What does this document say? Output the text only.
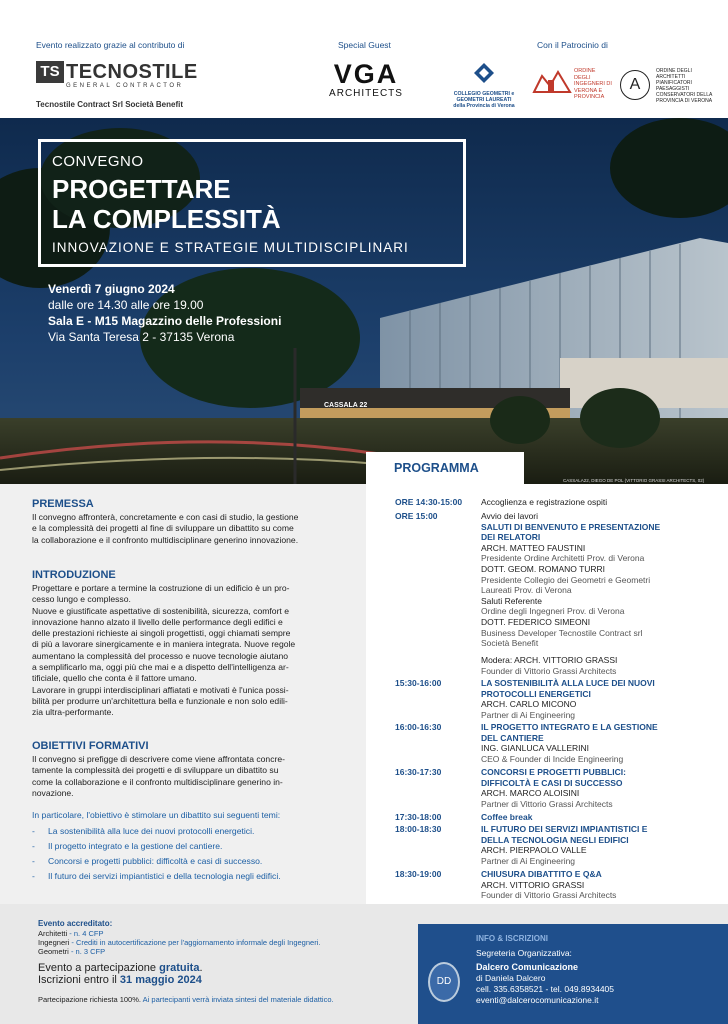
Evento realizzato grazie al contributo di	Special Guest	Con il Patrocinio di
TS TECNOSTILE
GENERAL CONTRACTOR
Tecnostile Contract Srl Società Benefit
VGA
ARCHITECTS	COLLEGIO GEOMETRI e GEOMETRI LAUREATI della Provincia di Verona
ORDINE DEGLI INGEGNERI DI VERONA E PROVINCIA
A
ORDINE DEGLI ARCHITETTI PIANIFICATORI PAESAGGISTI CONSERVATORI DELLA PROVINCIA DI VERONA
CASSALA 22
CONVEGNO
PROGETTARE
LA COMPLESSITÀ
INNOVAZIONE E STRATEGIE MULTIDISCIPLINARI
Venerdì 7 giugno 2024
dalle ore 14.30 alle ore 19.00
Sala E - M15 Magazzino delle Professioni
Via Santa Teresa 2 - 37135 Verona
CASSALA22, DIEGO DE POL (VITTORIO GRASSI ARCHITECTS, 02)
PREMESSA
Il convegno affronterà, concretamente e con casi di studio, la gestione
e la complessità dei progetti al fine di sviluppare un dibattito su come
la collaborazione e il confronto multidisciplinare generino innovazione.
INTRODUZIONE
Progettare e portare a termine la costruzione di un edificio è un pro-
cesso lungo e complesso.
Nuove e giustificate aspettative di sostenibilità, sicurezza, comfort e
innovazione hanno alzato il livello delle performance degli edifici e
delle prestazioni richieste ai singoli progettisti, oggi chiamati sempre
di più a lavorare sinergicamente e in maniera integrata. Nuove regole
aumentano la complessità del processo e nuove tecnologie aiutano
a semplificarlo ma, oggi più che mai e a dispetto dell'intelligenza ar-
tificiale, quello che conta è il fattore umano.
Lavorare in gruppi interdisciplinari affiatati e motivati è l'unica possi-
bilità per produrre un'architettura bella e funzionale e non solo edili-
zia ultra-performante.
OBIETTIVI FORMATIVI
Il convegno si prefigge di descrivere come viene affrontata concre-
tamente la complessità dei progetti e di sviluppare un dibattito su
come la collaborazione e il confronto multidisciplinare generino in-
novazione.
In particolare, l'obiettivo è stimolare un dibattito sui seguenti temi:
- La sostenibilità alla luce dei nuovi protocolli energetici.
- Il progetto integrato e la gestione del cantiere.
- Concorsi e progetti pubblici: difficoltà e casi di successo.
- Il futuro dei servizi impiantistici e della tecnologia negli edifici.
PROGRAMMA
ORE 14:30-15:00 Accoglienza e registrazione ospiti
ORE 15:00	Avvio dei lavori
SALUTI DI BENVENUTO E PRESENTAZIONE
DEI RELATORI
ARCH. MATTEO FAUSTINI
Presidente Ordine Architetti Prov. di Verona
DOTT. GEOM. ROMANO TURRI
Presidente Collegio dei Geometri e Geometri
Laureati Prov. di Verona
Saluti Referente
Ordine degli Ingegneri Prov. di Verona
DOTT. FEDERICO SIMEONI
Business Developer Tecnostile Contract srl
Società Benefit
Modera: ARCH. VITTORIO GRASSI
Founder di Vittorio Grassi Architects
15:30-16:00	LA SOSTENIBILITÀ ALLA LUCE DEI NUOVI
PROTOCOLLI ENERGETICI
ARCH. CARLO MICONO
Partner di Ai Engineering
16:00-16:30	IL PROGETTO INTEGRATO E LA GESTIONE
DEL CANTIERE
ING. GIANLUCA VALLERINI
CEO & Founder di Incide Engineering
16:30-17:30	CONCORSI E PROGETTI PUBBLICI:
DIFFICOLTÀ E CASI DI SUCCESSO
ARCH. MARCO ALOISINI
Partner di Vittorio Grassi Architects
17:30-18:00	Coffee break
18:00-18:30	IL FUTURO DEI SERVIZI IMPIANTISTICI E
DELLA TECNOLOGIA NEGLI EDIFICI
ARCH. PIERPAOLO VALLE
Partner di Ai Engineering
18:30-19:00	CHIUSURA DIBATTITO E Q&A
ARCH. VITTORIO GRASSI
Founder di Vittorio Grassi Architects
Evento accreditato:
Architetti - n. 4 CFP
Ingegneri - Crediti in autocertificazione per l'aggiornamento informale degli Ingegneri.
Geometri - n. 3 CFP
Evento a partecipazione gratuita.
Iscrizioni entro il 31 maggio 2024
Partecipazione richiesta 100%. Ai partecipanti verrà inviata sintesi del materiale didattico.
INFO & ISCRIZIONI
Segreteria Organizzativa:
Dalcero Comunicazione
di Daniela Dalcero
cell. 335.6358521 - tel. 049.8934405
eventi@dalcerocomunicazione.it
DD
